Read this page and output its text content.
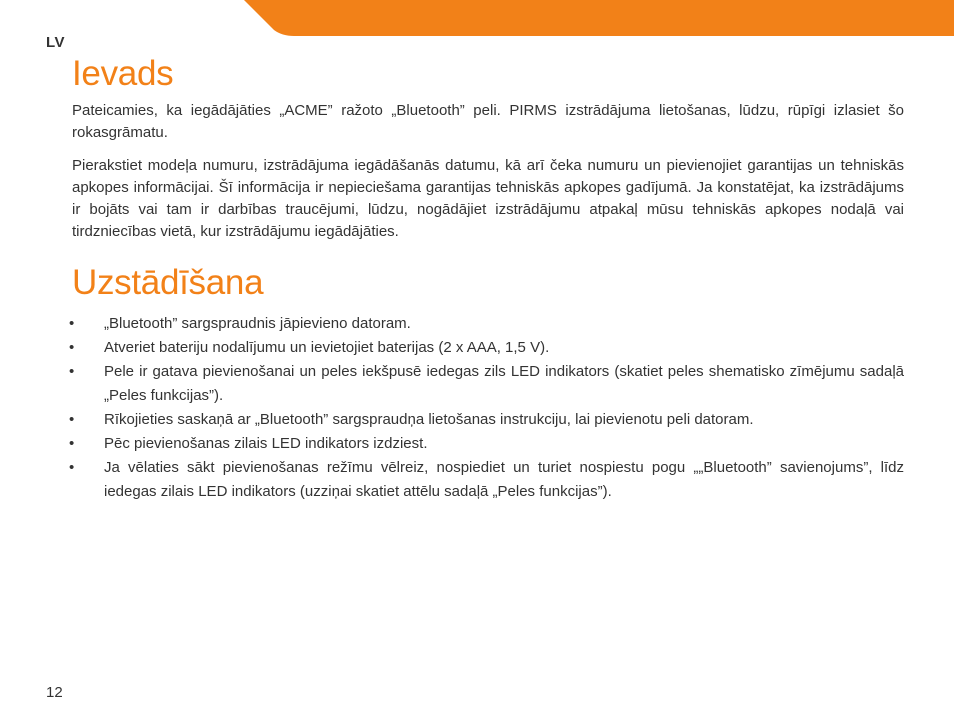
LV
Ievads

Pateicamies, ka iegādājāties „ACME” ražoto „Bluetooth” peli. PIRMS izstrādājuma lietošanas, lūdzu, rūpīgi izlasiet šo rokasgrāmatu.

Pierakstiet modeļa numuru, izstrādājuma iegādāšanās datumu, kā arī čeka numuru un pievienojiet garantijas un tehniskās apkopes informācijai. Šī informācija ir nepieciešama garantijas tehniskās apkopes gadījumā. Ja konstatējat, ka izstrādājums ir bojāts vai tam ir darbības traucējumi, lūdzu, nogādājiet izstrādājumu atpakaļ mūsu tehniskās apkopes nodaļā vai tirdzniecības vietā, kur izstrādājumu iegādājāties.

Uzstādīšana
• „Bluetooth” sargspraudnis jāpievieno datoram.
• Atveriet bateriju nodalījumu un ievietojiet baterijas (2 x AAA, 1,5 V).
• Pele ir gatava pievienošanai un peles iekšpusē iedegas zils LED indikators (skatiet peles shematisko zīmējumu sadaļā „Peles funkcijas”).
• Rīkojieties saskaņā ar „Bluetooth” sargspraudņa lietošanas instrukciju, lai pievienotu peli datoram.
• Pēc pievienošanas zilais LED indikators izdziest.
• Ja vēlaties sākt pievienošanas režīmu vēlreiz, nospiediet un turiet nospiestu pogu „„Bluetooth” savienojums”, līdz iedegas zilais LED indikators (uzziņai skatiet attēlu sadaļā „Peles funkcijas”).
12
